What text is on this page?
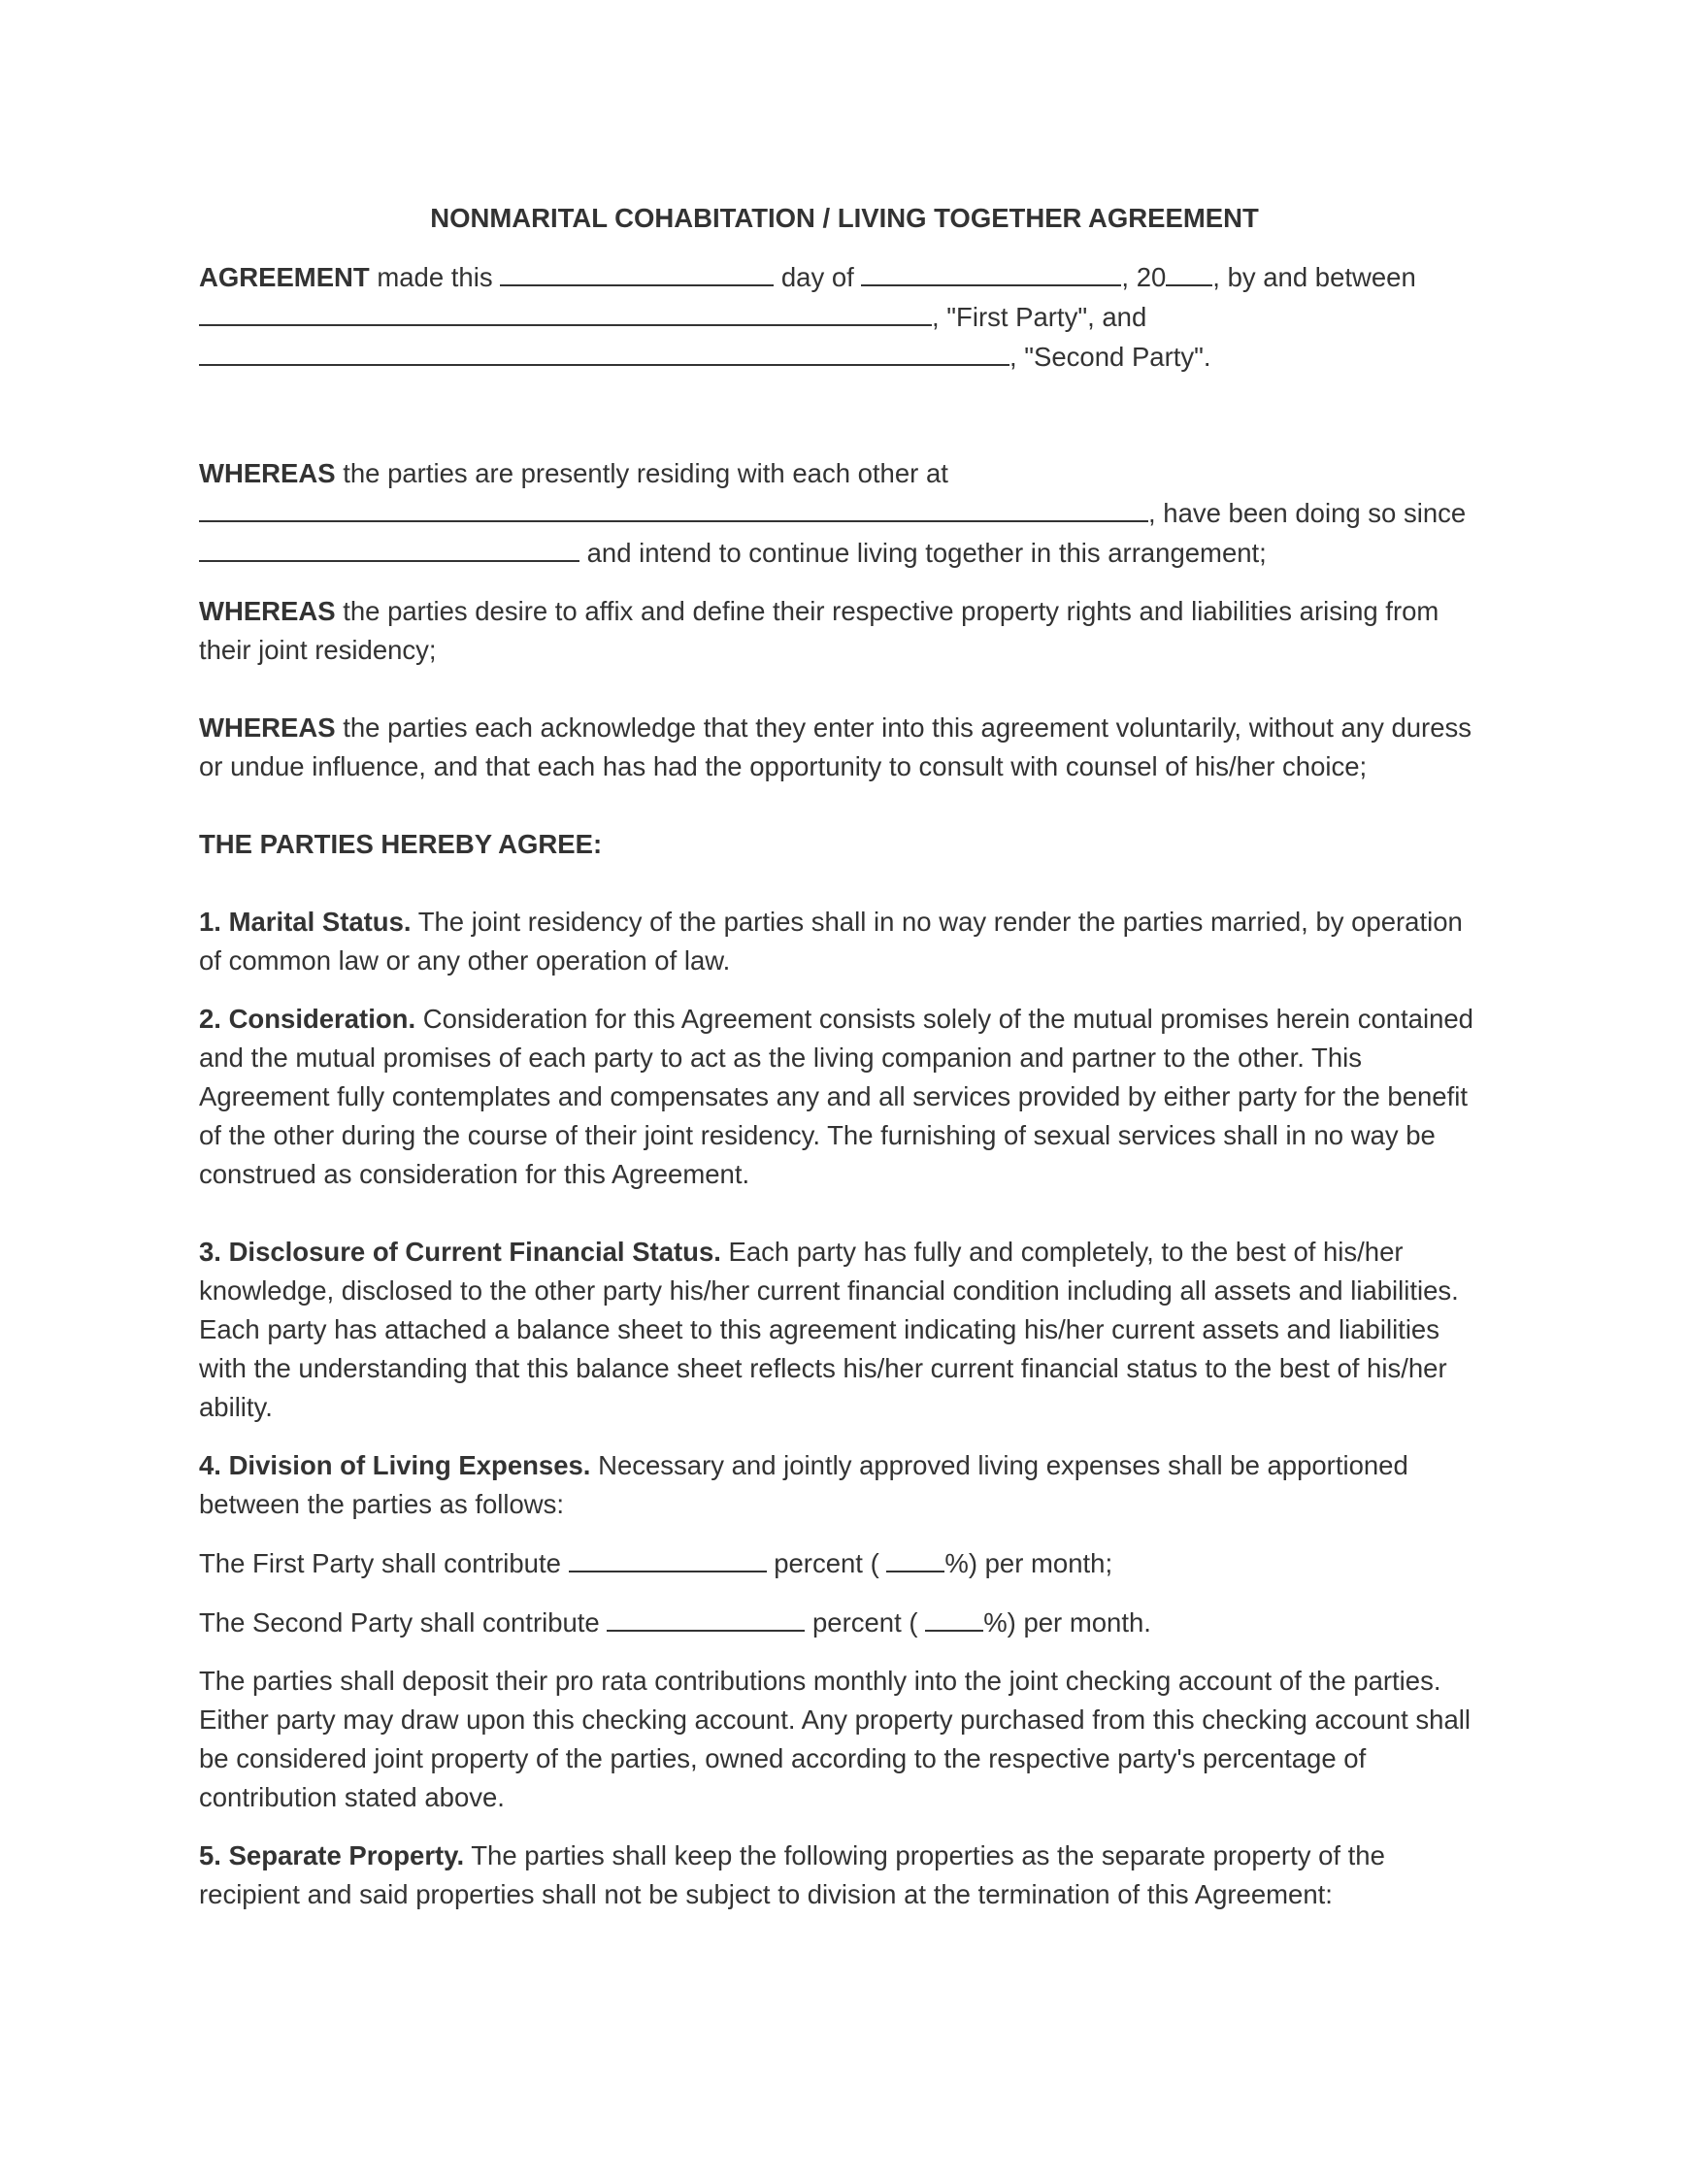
NONMARITAL COHABITATION / LIVING TOGETHER AGREEMENT

AGREEMENT made this	day of	, 20 , by and between

, "First Party", and

, "Second Party".

WHEREAS the parties are presently residing with each other at

, have been doing so since

and intend to continue living together in this arrangement;

WHEREAS the parties desire to affix and define their respective property rights and liabilities arising from their joint residency;

WHEREAS the parties each acknowledge that they enter into this agreement voluntarily, without any duress or undue influence, and that each has had the opportunity to consult with counsel of his/her choice;

THE PARTIES HEREBY AGREE:

1. Marital Status. The joint residency of the parties shall in no way render the parties married, by operation of common law or any other operation of law.

2. Consideration. Consideration for this Agreement consists solely of the mutual promises herein contained and the mutual promises of each party to act as the living companion and partner to the other. This Agreement fully contemplates and compensates any and all services provided by either party for the benefit of the other during the course of their joint residency. The furnishing of sexual services shall in no way be construed as consideration for this Agreement.

3. Disclosure of Current Financial Status. Each party has fully and completely, to the best of his/her knowledge, disclosed to the other party his/her current financial condition including all assets and liabilities. Each party has attached a balance sheet to this agreement indicating his/her current assets and liabilities with the understanding that this balance sheet reflects his/her current financial status to the best of his/her ability.

4. Division of Living Expenses. Necessary and jointly approved living expenses shall be apportioned between the parties as follows:

The First Party shall contribute	percent ( %) per month;

The Second Party shall contribute	percent ( %) per month.

The parties shall deposit their pro rata contributions monthly into the joint checking account of the parties. Either party may draw upon this checking account. Any property purchased from this checking account shall be considered joint property of the parties, owned according to the respective party's percentage of contribution stated above.

5. Separate Property. The parties shall keep the following properties as the separate property of the recipient and said properties shall not be subject to division at the termination of this Agreement:
